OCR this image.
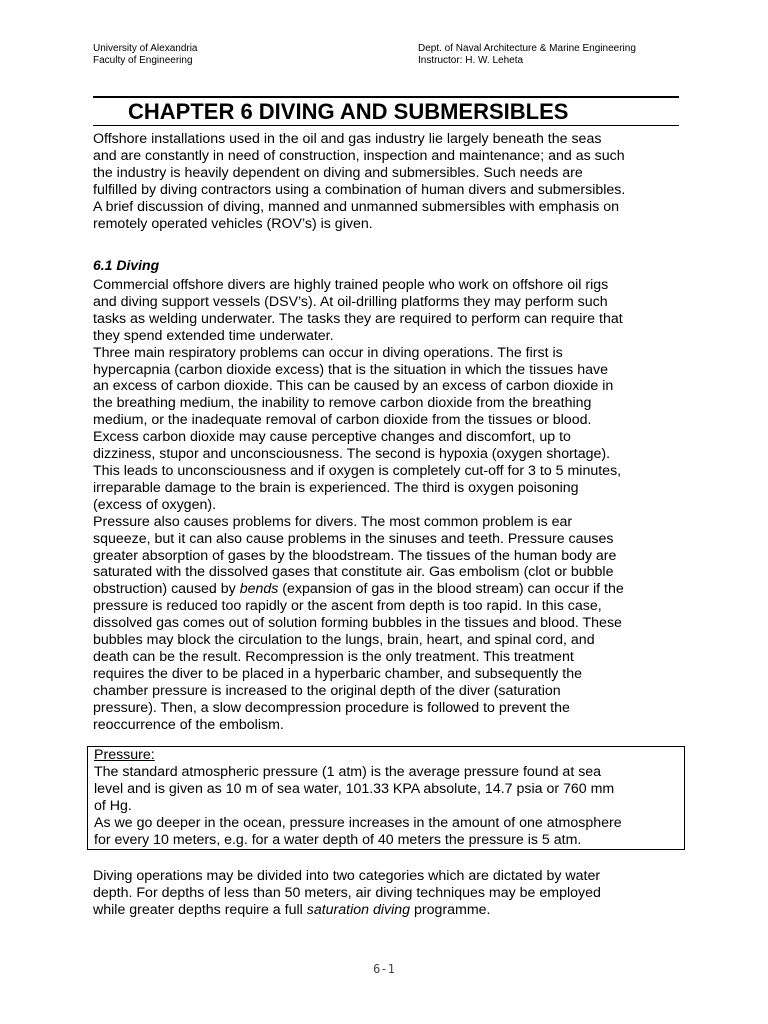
University of Alexandria
Faculty of Engineering
Dept. of Naval Architecture & Marine Engineering
Instructor: H. W. Leheta
CHAPTER 6 DIVING AND SUBMERSIBLES

Offshore installations used in the oil and gas industry lie largely beneath the seas

and are constantly in need of construction, inspection and maintenance; and as such

the industry is heavily dependent on diving and submersibles. Such needs are

fulfilled by diving contractors using a combination of human divers and submersibles.

A brief discussion of diving, manned and unmanned submersibles with emphasis on

remotely operated vehicles (ROV’s) is given.

6.1 Diving

Commercial offshore divers are highly trained people who work on offshore oil rigs

and diving support vessels (DSV’s). At oil-drilling platforms they may perform such

tasks as welding underwater. The tasks they are required to perform can require that

they spend extended time underwater.

Three main respiratory problems can occur in diving operations. The first is

hypercapnia (carbon dioxide excess) that is the situation in which the tissues have

an excess of carbon dioxide. This can be caused by an excess of carbon dioxide in

the breathing medium, the inability to remove carbon dioxide from the breathing

medium, or the inadequate removal of carbon dioxide from the tissues or blood.

Excess carbon dioxide may cause perceptive changes and discomfort, up to

dizziness, stupor and unconsciousness. The second is hypoxia (oxygen shortage).

This leads to unconsciousness and if oxygen is completely cut-off for 3 to 5 minutes,

irreparable damage to the brain is experienced. The third is oxygen poisoning

(excess of oxygen).

Pressure also causes problems for divers. The most common problem is ear

squeeze, but it can also cause problems in the sinuses and teeth. Pressure causes

greater absorption of gases by the bloodstream. The tissues of the human body are

saturated with the dissolved gases that constitute air. Gas embolism (clot or bubble

obstruction) caused by bends (expansion of gas in the blood stream) can occur if the

pressure is reduced too rapidly or the ascent from depth is too rapid. In this case,

dissolved gas comes out of solution forming bubbles in the tissues and blood. These

bubbles may block the circulation to the lungs, brain, heart, and spinal cord, and

death can be the result. Recompression is the only treatment. This treatment

requires the diver to be placed in a hyperbaric chamber, and subsequently the

chamber pressure is increased to the original depth of the diver (saturation

pressure). Then, a slow decompression procedure is followed to prevent the

reoccurrence of the embolism.

Pressure:

The standard atmospheric pressure (1 atm) is the average pressure found at sea

level and is given as 10 m of sea water, 101.33 KPA absolute, 14.7 psia or 760 mm

of Hg.

As we go deeper in the ocean, pressure increases in the amount of one atmosphere

for every 10 meters, e.g. for a water depth of 40 meters the pressure is 5 atm.

Diving operations may be divided into two categories which are dictated by water

depth. For depths of less than 50 meters, air diving techniques may be employed

while greater depths require a full saturation diving programme.

6-1
